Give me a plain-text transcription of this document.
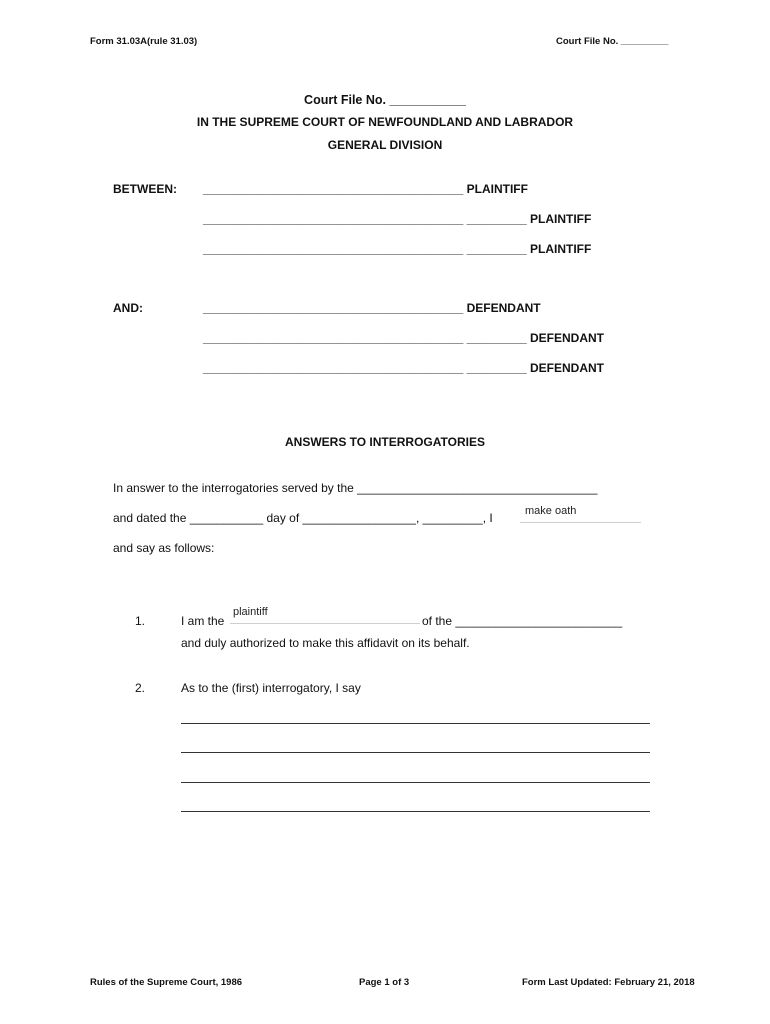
Form 31.03A(rule 31.03)	Court File No. _________
Court File No. ___________
IN THE SUPREME COURT OF NEWFOUNDLAND AND LABRADOR
GENERAL DIVISION
BETWEEN: _______________________________________ PLAINTIFF
_______________________________________ _________ PLAINTIFF
_______________________________________ _________ PLAINTIFF
AND:	_______________________________________ DEFENDANT
_______________________________________ _________ DEFENDANT
_______________________________________ _________ DEFENDANT
ANSWERS TO INTERROGATORIES
In answer to the interrogatories served by the ____________________________________
and dated the ___________ day of _________________, _________, I	make oath
and say as follows:
1.	I am the
plaintiff
of the _________________________
and duly authorized to make this affidavit on its behalf.
2.	As to the (first) interrogatory, I say
Rules of the Supreme Court, 1986	Page 1 of 3	Form Last Updated: February 21, 2018
